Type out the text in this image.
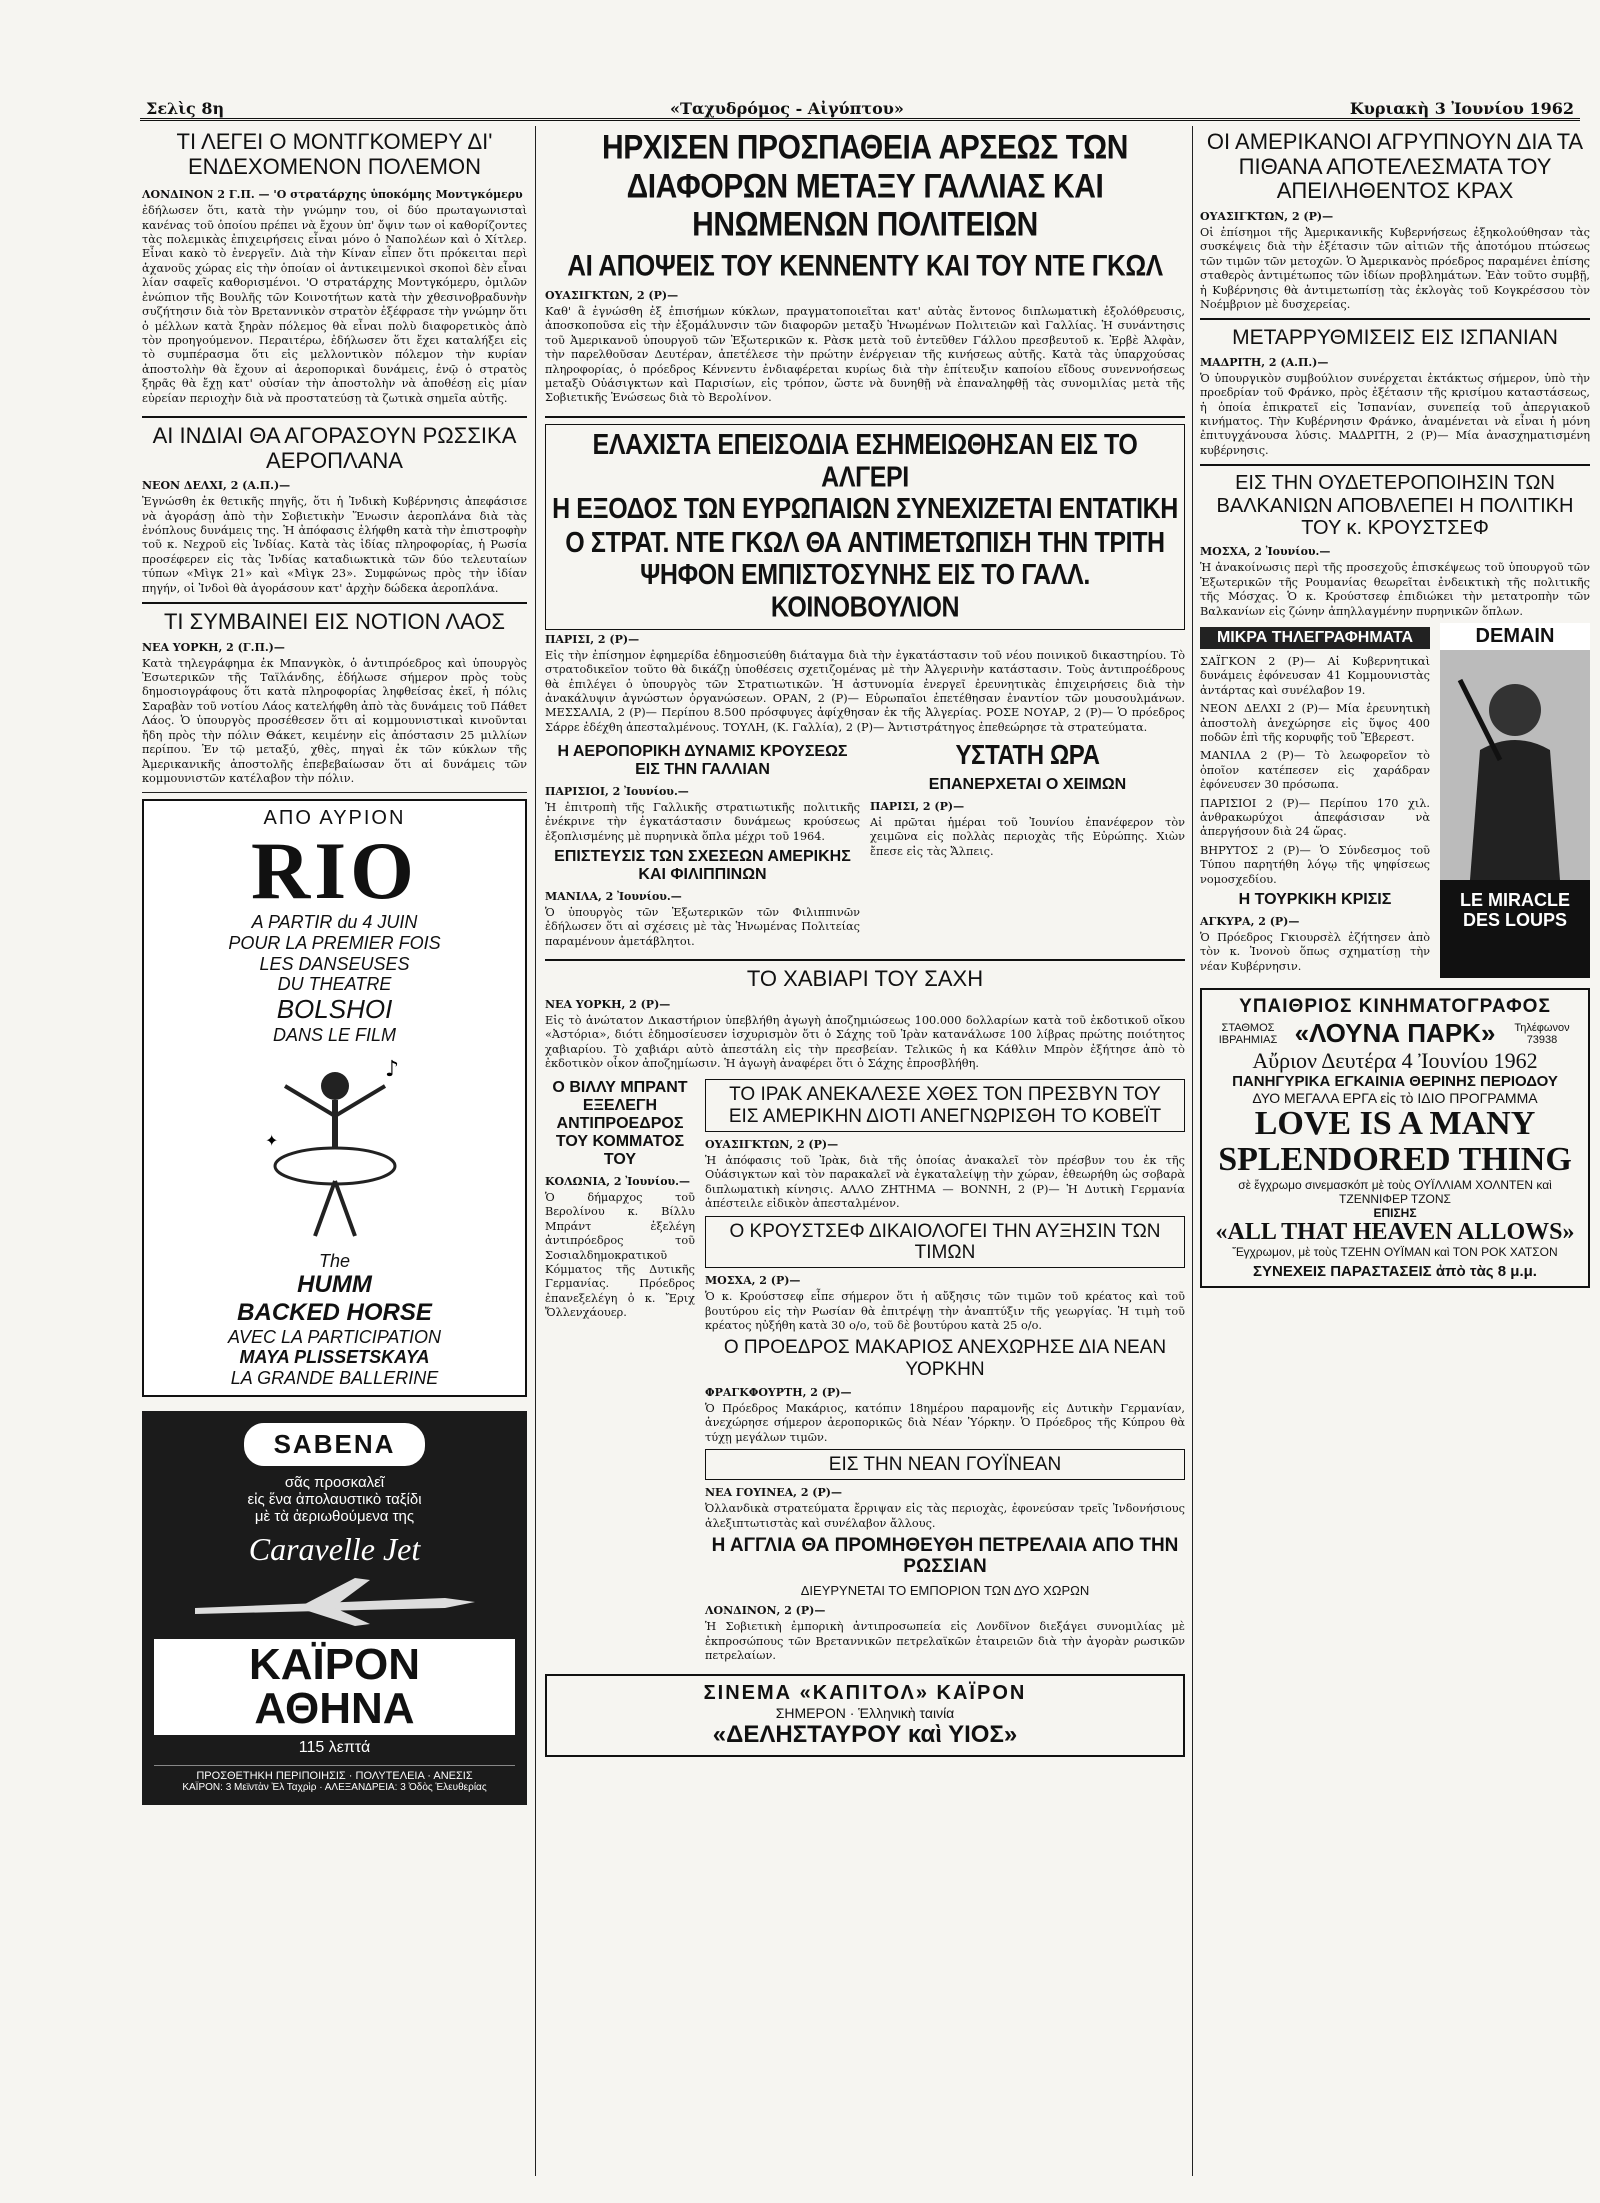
Σελὶς 8η	«Ταχυδρόμος - Αἰγύπτου»	Κυριακὴ 3 Ἰουνίου 1962
ΤΙ ΛΕΓΕΙ Ο ΜΟΝΤΓΚΟΜΕΡΥ ΔΙ' ΕΝΔΕΧΟΜΕΝΟΝ ΠΟΛΕΜΟΝ
ΛΟΝΔΙΝΟΝ 2 Γ.Π. — 'Ο στρατάρχης ὑποκόμης Μοντγκόμερυ

ἐδήλωσεν ὅτι, κατὰ τὴν γνώμην του, οἱ δύο πρωταγωνισταὶ κανένας τοῦ ὁποίου πρέπει νὰ ἔχουν ὑπ' ὄψιν των οἱ καθορίζοντες τὰς πολεμικὰς ἐπιχειρήσεις εἶναι μόνο ὁ Ναπολέων καὶ ὁ Χίτλερ. Εἶναι κακὸ τὸ ἐνεργεῖν. Διὰ τὴν Κίναν εἶπεν ὅτι πρόκειται περὶ ἀχανοῦς χώρας εἰς τὴν ὁποίαν οἱ ἀντικειμενικοὶ σκοποὶ δὲν εἶναι λίαν σαφεῖς καθορισμένοι. 'Ο στρατάρχης Μοντγκόμερυ, ὁμιλῶν ἐνώπιον τῆς Βουλῆς τῶν Κοινοτήτων κατὰ τὴν χθεσινοβραδυνὴν συζήτησιν διὰ τὸν Βρεταννικὸν στρατὸν ἐξέφρασε τὴν γνώμην ὅτι ὁ μέλλων κατὰ ξηρὰν πόλεμος θὰ εἶναι πολὺ διαφορετικὸς ἀπὸ τὸν προηγούμενον. Περαιτέρω, ἐδήλωσεν ὅτι ἔχει καταλήξει εἰς τὸ συμπέρασμα ὅτι εἰς μελλοντικὸν πόλεμον τὴν κυρίαν ἀποστολὴν θὰ ἔχουν αἱ ἀεροπορικαὶ δυνάμεις, ἐνῷ ὁ στρατὸς ξηρᾶς θὰ ἔχῃ κατ' οὐσίαν τὴν ἀποστολὴν νὰ ἀποθέσῃ εἰς μίαν εὐρείαν περιοχὴν διὰ νὰ προστατεύσῃ τὰ ζωτικὰ σημεῖα αὐτῆς.

ΑΙ ΙΝΔΙΑΙ ΘΑ ΑΓΟΡΑΣΟΥΝ ΡΩΣΣΙΚΑ ΑΕΡΟΠΛΑΝΑ
ΝΕΟΝ ΔΕΛΧΙ, 2 (Α.Π.)—

Ἐγνώσθη ἐκ θετικῆς πηγῆς, ὅτι ἡ Ἰνδικὴ Κυβέρνησις ἀπεφάσισε νὰ ἀγοράσῃ ἀπὸ τὴν Σοβιετικὴν Ἕνωσιν ἀεροπλάνα διὰ τὰς ἐνόπλους δυνάμεις της. Ἡ ἀπόφασις ἐλήφθη κατὰ τὴν ἐπιστροφὴν τοῦ κ. Νεχροῦ εἰς Ἰνδίας. Κατὰ τὰς ἰδίας πληροφορίας, ἡ Ρωσία προσέφερεν εἰς τὰς Ἰνδίας καταδιωκτικὰ τῶν δύο τελευταίων τύπων «Μὶγκ 21» καὶ «Μὶγκ 23». Συμφώνως πρὸς τὴν ἰδίαν πηγήν, οἱ Ἰνδοὶ θὰ ἀγοράσουν κατ' ἀρχὴν δώδεκα ἀεροπλάνα.

ΤΙ ΣΥΜΒΑΙΝΕΙ ΕΙΣ ΝΟΤΙΟΝ ΛΑΟΣ
ΝΕΑ ΥΟΡΚΗ, 2 (Γ.Π.)—

Κατὰ τηλεγράφημα ἐκ Μπανγκὸκ, ὁ ἀντιπρόεδρος καὶ ὑπουργὸς Ἐσωτερικῶν τῆς Ταϊλάνδης, ἐδήλωσε σήμερον πρὸς τοὺς δημοσιογράφους ὅτι κατὰ πληροφορίας ληφθείσας ἐκεῖ, ἡ πόλις Σαραβὰν τοῦ νοτίου Λάος κατελήφθη ἀπὸ τὰς δυνάμεις τοῦ Πάθετ Λάος. Ὁ ὑπουργὸς προσέθεσεν ὅτι αἱ κομμουνιστικαὶ κινοῦνται ἤδη πρὸς τὴν πόλιν Θάκετ, κειμένην εἰς ἀπόστασιν 25 μιλλίων περίπου. Ἐν τῷ μεταξύ, χθὲς, πηγαὶ ἐκ τῶν κύκλων τῆς Ἀμερικανικῆς ἀποστολῆς ἐπεβεβαίωσαν ὅτι αἱ δυνάμεις τῶν κομμουνιστῶν κατέλαβον τὴν πόλιν.

ΑΠΟ ΑΥΡΙΟΝ
RIO
A PARTIR du 4 JUIN
POUR LA PREMIER FOIS
LES DANSEUSES
DU THEATRE
BOLSHOI
DANS LE FILM
♪
✦
The
HUMM
BACKED HORSE
AVEC LA PARTICIPATION
MAYA PLISSETSKAYA
LA GRANDE BALLERINE
SABENA
σᾶς προσκαλεῖ
εἰς ἕνα ἀπολαυστικὸ ταξίδι
μὲ τὰ ἀεριωθούμενα της
Caravelle Jet
ΚΑΪΡΟΝ ΑΘΗΝΑ
115 λεπτά
ΠΡΟΣΘΕΤΗΚΗ ΠΕΡΙΠΟΙΗΣΙΣ · ΠΟΛΥΤΕΛΕΙΑ · ΑΝΕΣΙΣ
ΚΑΪΡΟΝ: 3 Μεϊντὰν Ἐλ Ταχρὶρ · ΑΛΕΞΑΝΔΡΕΙΑ: 3 Ὀδὸς Ἑλευθερίας
ΗΡΧΙΣΕΝ ΠΡΟΣΠΑΘΕΙΑ ΑΡΣΕΩΣ ΤΩΝ ΔΙΑΦΟΡΩΝ ΜΕΤΑΞΥ ΓΑΛΛΙΑΣ ΚΑΙ ΗΝΩΜΕΝΩΝ ΠΟΛΙΤΕΙΩΝ
ΑΙ ΑΠΟΨΕΙΣ ΤΟΥ ΚΕΝΝΕΝΤΥ ΚΑΙ ΤΟΥ ΝΤΕ ΓΚΩΛ
ΟΥΑΣΙΓΚΤΩΝ, 2 (Ρ)—

Καθ' ἃ ἐγνώσθη ἐξ ἐπισήμων κύκλων, πραγματοποιεῖται κατ' αὐτὰς ἔντονος διπλωματικὴ ἐξολόθρευσις, ἀποσκοποῦσα εἰς τὴν ἐξομάλυνσιν τῶν διαφορῶν μεταξὺ Ἡνωμένων Πολιτειῶν καὶ Γαλλίας. Ἡ συνάντησις τοῦ Ἀμερικανοῦ ὑπουργοῦ τῶν Ἐξωτερικῶν κ. Ρὰσκ μετὰ τοῦ ἐντεῦθεν Γάλλου πρεσβευτοῦ κ. Ἐρβὲ Ἀλφὰν, τὴν παρελθοῦσαν Δευτέραν, ἀπετέλεσε τὴν πρώτην ἐνέργειαν τῆς κινήσεως αὐτῆς. Κατὰ τὰς ὑπαρχούσας πληροφορίας, ὁ πρόεδρος Κέννεντυ ἐνδιαφέρεται κυρίως διὰ τὴν ἐπίτευξιν καποίου εἴδους συνεννοήσεως μεταξὺ Οὐάσιγκτων καὶ Παρισίων, εἰς τρόπον, ὥστε νὰ δυνηθῇ νὰ ἐπαναληφθῇ τὰς συνομιλίας μετὰ τῆς Σοβιετικῆς Ἑνώσεως διὰ τὸ Βερολίνον.

ΕΛΑΧΙΣΤΑ ΕΠΕΙΣΟΔΙΑ ΕΣΗΜΕΙΩΘΗΣΑΝ ΕΙΣ ΤΟ ΑΛΓΕΡΙ
Η ΕΞΟΔΟΣ ΤΩΝ ΕΥΡΩΠΑΙΩΝ ΣΥΝΕΧΙΖΕΤΑΙ ΕΝΤΑΤΙΚΗ
Ο ΣΤΡΑΤ. ΝΤΕ ΓΚΩΛ ΘΑ ΑΝΤΙΜΕΤΩΠΙΣΗ ΤΗΝ ΤΡΙΤΗ
ΨΗΦΟΝ ΕΜΠΙΣΤΟΣΥΝΗΣ ΕΙΣ ΤΟ ΓΑΛΛ. ΚΟΙΝΟΒΟΥΛΙΟΝ
ΠΑΡΙΣΙ, 2 (Ρ)—

Εἰς τὴν ἐπίσημον ἐφημερίδα ἐδημοσιεύθη διάταγμα διὰ τὴν ἐγκατάστασιν τοῦ νέου ποινικοῦ δικαστηρίου. Τὸ στρατοδικεῖον τοῦτο θὰ δικάζῃ ὑποθέσεις σχετιζομένας μὲ τὴν Ἀλγερινὴν κατάστασιν. Τοὺς ἀντιπροέδρους θὰ ἐπιλέγει ὁ ὑπουργὸς τῶν Στρατιωτικῶν. Ἡ ἀστυνομία ἐνεργεῖ ἐρευνητικὰς ἐπιχειρήσεις διὰ τὴν ἀνακάλυψιν ἀγνώστων ὀργανώσεων. ΟΡΑΝ, 2 (Ρ)— Εὐρωπαῖοι ἐπετέθησαν ἐναντίον τῶν μουσουλμάνων. ΜΕΣΣΑΛΙΑ, 2 (Ρ)— Περίπου 8.500 πρόσφυγες ἀφίχθησαν ἐκ τῆς Ἀλγερίας. ΡΟΣΕ ΝΟΥΑΡ, 2 (Ρ)— Ὁ πρόεδρος Σάρρε ἐδέχθη ἀπεσταλμένους. ΤΟΥΛΗ, (Κ. Γαλλία), 2 (Ρ)— Ἀντιστράτηγος ἐπεθεώρησε τὰ στρατεύματα.

Η ΑΕΡΟΠΟΡΙΚΗ ΔΥΝΑΜΙΣ ΚΡΟΥΣΕΩΣ ΕΙΣ ΤΗΝ ΓΑΛΛΙΑΝ
ΠΑΡΙΣΙΟΙ, 2 Ἰουνίου.—

Ἡ ἐπιτροπὴ τῆς Γαλλικῆς στρατιωτικῆς πολιτικῆς ἐνέκρινε τὴν ἐγκατάστασιν δυνάμεως κρούσεως ἐξοπλισμένης μὲ πυρηνικὰ ὅπλα μέχρι τοῦ 1964.

ΕΠΙΣΤΕΥΣΙΣ ΤΩΝ ΣΧΕΣΕΩΝ ΑΜΕΡΙΚΗΣ ΚΑΙ ΦΙΛΙΠΠΙΝΩΝ
ΜΑΝΙΛΑ, 2 Ἰουνίου.—

Ὁ ὑπουργὸς τῶν Ἐξωτερικῶν τῶν Φιλιππινῶν ἐδήλωσεν ὅτι αἱ σχέσεις μὲ τὰς Ἡνωμένας Πολιτείας παραμένουν ἀμετάβλητοι.

ΥΣΤΑΤΗ ΩΡΑ
ΕΠΑΝΕΡΧΕΤΑΙ Ο ΧΕΙΜΩΝ
ΠΑΡΙΣΙ, 2 (Ρ)—

Αἱ πρῶται ἡμέραι τοῦ Ἰουνίου ἐπανέφερον τὸν χειμῶνα εἰς πολλὰς περιοχὰς τῆς Εὐρώπης. Χιὼν ἔπεσε εἰς τὰς Ἄλπεις.

ΤΟ ΧΑΒΙΑΡΙ ΤΟΥ ΣΑΧΗ
ΝΕΑ ΥΟΡΚΗ, 2 (Ρ)—

Εἰς τὸ ἀνώτατον Δικαστήριον ὑπεβλήθη ἀγωγὴ ἀποζημιώσεως 100.000 δολλαρίων κατὰ τοῦ ἐκδοτικοῦ οἴκου «Ἀστόρια», διότι ἐδημοσίευσεν ἰσχυρισμὸν ὅτι ὁ Σάχης τοῦ Ἰρὰν κατανάλωσε 100 λίβρας πρώτης ποιότητος χαβιαρίου. Τὸ χαβιάρι αὐτὸ ἀπεστάλη εἰς τὴν πρεσβείαν. Τελικῶς ἡ κα Κάθλιν Μπρὸν ἐξήτησε ἀπὸ τὸ ἐκδοτικὸν οἶκον ἀποζημίωσιν. Ἡ ἀγωγὴ ἀναφέρει ὅτι ὁ Σάχης ἐπροσβλήθη.

Ο ΒΙΛΛΥ ΜΠΡΑΝΤ ΕΞΕΛΕΓΗ ΑΝΤΙΠΡΟΕΔΡΟΣ ΤΟΥ ΚΟΜΜΑΤΟΣ ΤΟΥ
ΚΟΛΩΝΙΑ, 2 Ἰουνίου.—

Ὁ δήμαρχος τοῦ Βερολίνου κ. Βίλλυ Μπράντ ἐξελέγη ἀντιπρόεδρος τοῦ Σοσιαλδημοκρατικοῦ Κόμματος τῆς Δυτικῆς Γερμανίας. Πρόεδρος ἐπανεξελέγη ὁ κ. Ἔριχ Ὄλλενχάουερ.

ΤΟ ΙΡΑΚ ΑΝΕΚΑΛΕΣΕ ΧΘΕΣ ΤΟΝ ΠΡΕΣΒΥΝ ΤΟΥ ΕΙΣ ΑΜΕΡΙΚΗΝ ΔΙΟΤΙ ΑΝΕΓΝΩΡΙΣΘΗ ΤΟ ΚΟΒΕΪΤ
ΟΥΑΣΙΓΚΤΩΝ, 2 (Ρ)—

Ἡ ἀπόφασις τοῦ Ἰρὰκ, διὰ τῆς ὁποίας ἀνακαλεῖ τὸν πρέσβυν του ἐκ τῆς Οὐάσιγκτων καὶ τὸν παρακαλεῖ νὰ ἐγκαταλείψῃ τὴν χώραν, ἐθεωρήθη ὡς σοβαρὰ διπλωματικὴ κίνησις. ΑΛΛΟ ΖΗΤΗΜΑ — ΒΟΝΝΗ, 2 (Ρ)— Ἡ Δυτικὴ Γερμανία ἀπέστειλε εἰδικὸν ἀπεσταλμένον.

Ο ΚΡΟΥΣΤΣΕΦ ΔΙΚΑΙΟΛΟΓΕΙ ΤΗΝ ΑΥΞΗΣΙΝ ΤΩΝ ΤΙΜΩΝ
ΜΟΣΧΑ, 2 (Ρ)—

Ὁ κ. Κρούστσεφ εἶπε σήμερον ὅτι ἡ αὔξησις τῶν τιμῶν τοῦ κρέατος καὶ τοῦ βουτύρου εἰς τὴν Ρωσίαν θὰ ἐπιτρέψῃ τὴν ἀναπτύξιν τῆς γεωργίας. Ἡ τιμὴ τοῦ κρέατος ηὐξήθη κατὰ 30 ο/ο, τοῦ δὲ βουτύρου κατὰ 25 ο/ο.

Ο ΠΡΟΕΔΡΟΣ ΜΑΚΑΡΙΟΣ ΑΝΕΧΩΡΗΣΕ ΔΙΑ ΝΕΑΝ ΥΟΡΚΗΝ
ΦΡΑΓΚΦΟΥΡΤΗ, 2 (Ρ)—

Ὁ Πρόεδρος Μακάριος, κατόπιν 18ημέρου παραμονῆς εἰς Δυτικὴν Γερμανίαν, ἀνεχώρησε σήμερον ἀεροπορικῶς διὰ Νέαν Ὑόρκην. Ὁ Πρόεδρος τῆς Κύπρου θὰ τύχῃ μεγάλων τιμῶν.

ΕΙΣ ΤΗΝ ΝΕΑΝ ΓΟΥΪΝΕΑΝ
ΝΕΑ ΓΟΥΙΝΕΑ, 2 (Ρ)—

Ὀλλανδικὰ στρατεύματα ἔρριψαν εἰς τὰς περιοχὰς, ἐφονεύσαν τρεῖς Ἰνδονήσιους ἀλεξιπτωτιστὰς καὶ συνέλαβον ἄλλους.

Η ΑΓΓΛΙΑ ΘΑ ΠΡΟΜΗΘΕΥΘΗ ΠΕΤΡΕΛΑΙΑ ΑΠΟ ΤΗΝ ΡΩΣΣΙΑΝ
ΔΙΕΥΡΥΝΕΤΑΙ ΤΟ ΕΜΠΟΡΙΟΝ ΤΩΝ ΔΥΟ ΧΩΡΩΝ
ΛΟΝΔΙΝΟΝ, 2 (Ρ)—

Ἡ Σοβιετικὴ ἐμπορικὴ ἀντιπροσωπεία εἰς Λονδῖνον διεξάγει συνομιλίας μὲ ἐκπροσώπους τῶν Βρεταννικῶν πετρελαϊκῶν ἑταιρειῶν διὰ τὴν ἀγορὰν ρωσικῶν πετρελαίων.

ΣΙΝΕΜΑ «ΚΑΠΙΤΟΛ» ΚΑΪΡΟΝ
ΣΗΜΕΡΟΝ · Ἑλληνικὴ ταινία
«ΔΕΛΗΣΤΑΥΡΟΥ καὶ ΥΙΟΣ»
ΟΙ ΑΜΕΡΙΚΑΝΟΙ ΑΓΡΥΠΝΟΥΝ ΔΙΑ ΤΑ ΠΙΘΑΝΑ ΑΠΟΤΕΛΕΣΜΑΤΑ ΤΟΥ ΑΠΕΙΛΗΘΕΝΤΟΣ ΚΡΑΧ
ΟΥΑΣΙΓΚΤΩΝ, 2 (Ρ)—

Οἱ ἐπίσημοι τῆς Ἀμερικανικῆς Κυβερνήσεως ἐξηκολούθησαν τὰς συσκέψεις διὰ τὴν ἐξέτασιν τῶν αἰτιῶν τῆς ἀποτόμου πτώσεως τῶν τιμῶν τῶν μετοχῶν. Ὁ Ἀμερικανὸς πρόεδρος παραμένει ἐπίσης σταθερὸς ἀντιμέτωπος τῶν ἰδίων προβλημάτων. Ἐὰν τοῦτο συμβῇ, ἡ Κυβέρνησις θὰ ἀντιμετωπίσῃ τὰς ἐκλογὰς τοῦ Κογκρέσσου τὸν Νοέμβριον μὲ δυσχερείας.

ΜΕΤΑΡΡΥΘΜΙΣΕΙΣ ΕΙΣ ΙΣΠΑΝΙΑΝ
ΜΑΔΡΙΤΗ, 2 (Α.Π.)—

Ὁ ὑπουργικὸν συμβούλιον συνέρχεται ἐκτάκτως σήμερον, ὑπὸ τὴν προεδρίαν τοῦ Φράνκο, πρὸς ἐξέτασιν τῆς κρισίμου καταστάσεως, ἡ ὁποία ἐπικρατεῖ εἰς Ἰσπανίαν, συνεπείᾳ τοῦ ἀπεργιακοῦ κινήματος. Τὴν Κυβέρνησιν Φράνκο, ἀναμένεται νὰ εἶναι ἡ μόνη ἐπιτυγχάνουσα λύσις. ΜΑΔΡΙΤΗ, 2 (Ρ)— Μία ἀνασχηματισμένη κυβέρνησις.

ΕΙΣ ΤΗΝ ΟΥΔΕΤΕΡΟΠΟΙΗΣΙΝ ΤΩΝ ΒΑΛΚΑΝΙΩΝ ΑΠΟΒΛΕΠΕΙ Η ΠΟΛΙΤΙΚΗ ΤΟΥ κ. ΚΡΟΥΣΤΣΕΦ
ΜΟΣΧΑ, 2 Ἰουνίου.—

Ἡ ἀνακοίνωσις περὶ τῆς προσεχοῦς ἐπισκέψεως τοῦ ὑπουργοῦ τῶν Ἐξωτερικῶν τῆς Ρουμανίας θεωρεῖται ἐνδεικτικὴ τῆς πολιτικῆς τῆς Μόσχας. Ὁ κ. Κρούστσεφ ἐπιδιώκει τὴν μετατροπὴν τῶν Βαλκανίων εἰς ζώνην ἀπηλλαγμένην πυρηνικῶν ὅπλων.

ΜΙΚΡΑ ΤΗΛΕΓΡΑΦΗΜΑΤΑ

ΣΑΪΓΚΟΝ 2 (Ρ)— Αἱ Κυβερνητικαὶ δυνάμεις ἐφόνευσαν 41 Κομμουνιστὰς ἀντάρτας καὶ συνέλαβον 19.

ΝΕΟΝ ΔΕΛΧΙ 2 (Ρ)— Μία ἐρευνητικὴ ἀποστολὴ ἀνεχώρησε εἰς ὕψος 400 ποδῶν ἐπὶ τῆς κορυφῆς τοῦ Ἔβερεστ.

ΜΑΝΙΛΑ 2 (Ρ)— Τὸ λεωφορεῖον τὸ ὁποῖον κατέπεσεν εἰς χαράδραν ἐφόνευσεν 30 πρόσωπα.

ΠΑΡΙΣΙΟΙ 2 (Ρ)— Περίπου 170 χιλ. ἀνθρακωρύχοι ἀπεφάσισαν νὰ ἀπεργήσουν διὰ 24 ὥρας.

ΒΗΡΥΤΟΣ 2 (Ρ)— Ὁ Σύνδεσμος τοῦ Τύπου παρητήθη λόγῳ τῆς ψηφίσεως νομοσχεδίου.

Η ΤΟΥΡΚΙΚΗ ΚΡΙΣΙΣ
ΑΓΚΥΡΑ, 2 (Ρ)—

Ὁ Πρόεδρος Γκιουρσὲλ ἐζήτησεν ἀπὸ τὸν κ. Ἰνονοὺ ὅπως σχηματίσῃ τὴν νέαν Κυβέρνησιν.

DEMAIN
LE MIRACLE DES LOUPS
ΥΠΑΙΘΡΙΟΣ ΚΙΝΗΜΑΤΟΓΡΑΦΟΣ
ΣΤΑΘΜΟΣ ΙΒΡΑΗΜΙΑΣ «ΛΟΥΝΑ ΠΑΡΚ»	Τηλέφωνον 73938
Αὔριον Δευτέρα 4 Ἰουνίου 1962
ΠΑΝΗΓΥΡΙΚΑ ΕΓΚΑΙΝΙΑ ΘΕΡΙΝΗΣ ΠΕΡΙΟΔΟΥ
ΔΥΟ ΜΕΓΑΛΑ ΕΡΓΑ εἰς τὸ ΙΔΙΟ ΠΡΟΓΡΑΜΜΑ
LOVE IS A MANY SPLENDORED THING
σὲ ἔγχρωμο σινεμασκόπ μὲ τοὺς ΟΥΪΛΛΙΑΜ ΧΟΛΝΤΕΝ καὶ ΤΖΕΝΝΙΦΕΡ ΤΖΟΝΣ
ΕΠΙΣΗΣ
«ALL THAT HEAVEN ALLOWS»
Ἔγχρωμον, μὲ τοὺς ΤΖΕΗΝ ΟΥΪΜΑΝ καὶ ΤΟΝ ΡΟΚ ΧΑΤΣΟΝ
ΣΥΝΕΧΕΙΣ ΠΑΡΑΣΤΑΣΕΙΣ ἀπὸ τὰς 8 μ.μ.
